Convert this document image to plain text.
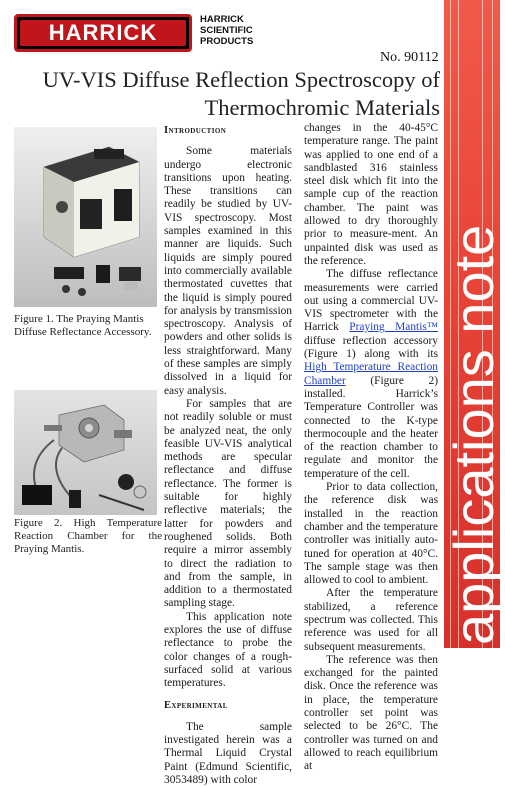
HARRICK
HARRICK
SCIENTIFIC
PRODUCTS
No. 90112
applications note
UV-VIS Diffuse Reflection Spectroscopy of
Thermochromic Materials
Figure 1. The Praying Mantis Diffuse Reflectance Accessory.
Figure 2. High Temperature Reaction Chamber for the Praying Mantis.

Introduction

Some materials undergo electronic transitions upon heating. These transitions can readily be studied by UV-VIS spectroscopy. Most samples examined in this manner are liquids. Such liquids are simply poured into commercially available thermostated cuvettes that the liquid is simply poured for analysis by transmission spectroscopy. Analysis of powders and other solids is less straightforward. Many of these samples are simply dissolved in a liquid for easy analysis.

For samples that are not readily soluble or must be analyzed neat, the only feasible UV-VIS analytical methods are specular reflectance and diffuse reflectance. The former is suitable for highly reflective materials; the latter for powders and roughened solids. Both require a mirror assembly to direct the radiation to and from the sample, in addition to a thermostated sampling stage.

This application note explores the use of diffuse reflectance to probe the color changes of a rough-surfaced solid at various temperatures.

Experimental

The sample investigated herein was a Thermal Liquid Crystal Paint (Edmund Scientific, 3053489) with color

changes in the 40-45°C temperature range. The paint was applied to one end of a sandblasted 316 stainless steel disk which fit into the sample cup of the reaction chamber. The paint was allowed to dry thoroughly prior to measure-ment. An unpainted disk was used as the reference.

The diffuse reflectance measurements were carried out using a commercial UV-VIS spectrometer with the Harrick Praying Mantis™ diffuse reflection accessory (Figure 1) along with its High Temperature Reaction Chamber (Figure 2) installed. Harrick’s Temperature Controller was connected to the K-type thermocouple and the heater of the reaction chamber to regulate and monitor the temperature of the cell.

Prior to data collection, the reference disk was installed in the reaction chamber and the temperature controller was initially auto-tuned for operation at 40°C. The sample stage was then allowed to cool to ambient.

After the temperature stabilized, a reference spectrum was collected. This reference was used for all subsequent measurements.

The reference was then exchanged for the painted disk. Once the reference was in place, the temperature controller set point was selected to be 26°C. The controller was turned on and allowed to reach equilibrium at
